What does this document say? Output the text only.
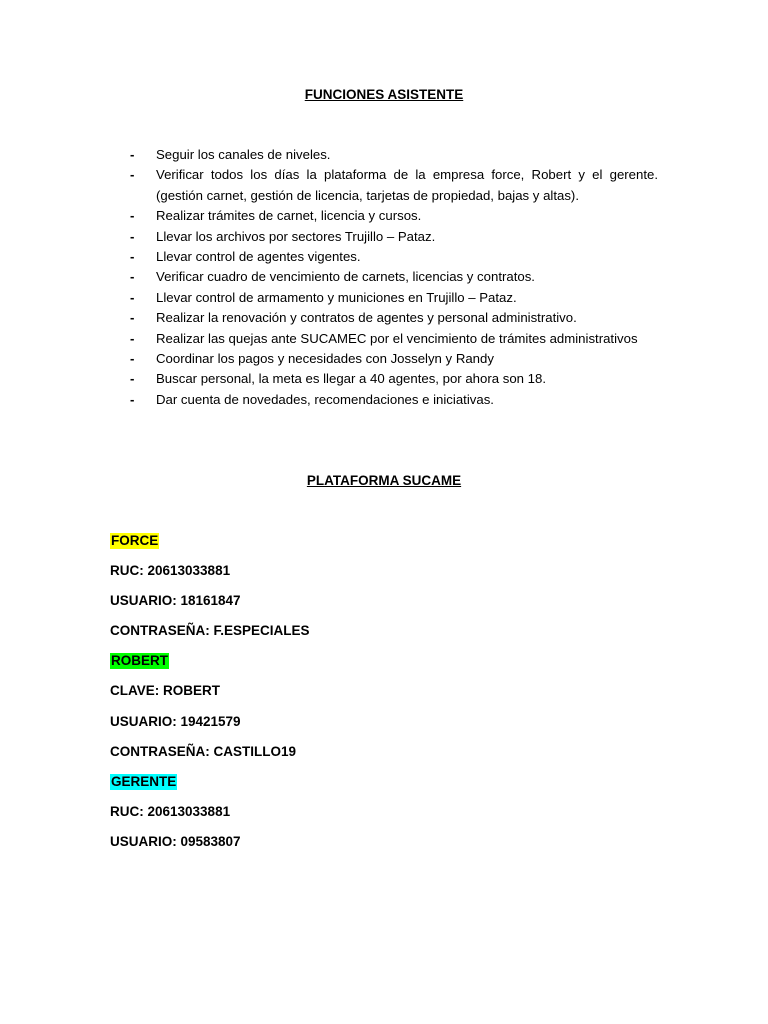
FUNCIONES ASISTENTE
- Seguir los canales de niveles.
- Verificar todos los días la plataforma de la empresa force, Robert y el gerente. (gestión carnet, gestión de licencia, tarjetas de propiedad, bajas y altas).
- Realizar trámites de carnet, licencia y cursos.
- Llevar los archivos por sectores Trujillo – Pataz.
- Llevar control de agentes vigentes.
- Verificar cuadro de vencimiento de carnets, licencias y contratos.
- Llevar control de armamento y municiones en Trujillo – Pataz.
- Realizar la renovación y contratos de agentes y personal administrativo.
- Realizar las quejas ante SUCAMEC por el vencimiento de trámites administrativos
- Coordinar los pagos y necesidades con Josselyn y Randy
- Buscar personal, la meta es llegar a 40 agentes, por ahora son 18.
- Dar cuenta de novedades, recomendaciones e iniciativas.
PLATAFORMA SUCAME
FORCE
RUC: 20613033881
USUARIO: 18161847
CONTRASEÑA: F.ESPECIALES
ROBERT
CLAVE: ROBERT
USUARIO: 19421579
CONTRASEÑA: CASTILLO19
GERENTE
RUC: 20613033881
USUARIO: 09583807
